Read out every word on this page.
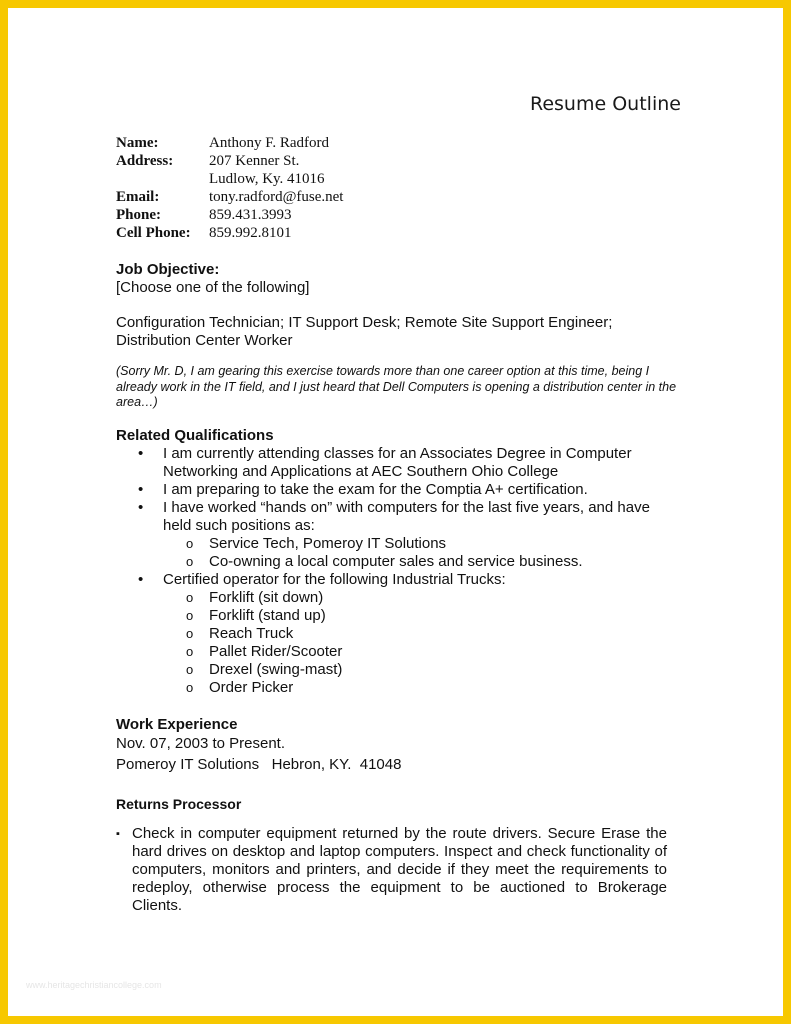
Resume Outline
Name:	Anthony F. Radford
Address: 207 Kenner St.
Ludlow, Ky. 41016
Email:	tony.radford@fuse.net
Phone:	859.431.3993
Cell Phone: 859.992.8101
Job Objective:
[Choose one of the following]
Configuration Technician; IT Support Desk; Remote Site Support Engineer;
Distribution Center Worker
(Sorry Mr. D, I am gearing this exercise towards more than one career option at this time, being I already work in the IT field, and I just heard that Dell Computers is opening a distribution center in the area…)
Related Qualifications
• I am currently attending classes for an Associates Degree in Computer
Networking and Applications at AEC Southern Ohio College
• I am preparing to take the exam for the Comptia A+ certification.
• I have worked “hands on” with computers for the last five years, and have
held such positions as:
o Service Tech, Pomeroy IT Solutions
o Co-owning a local computer sales and service business.
• Certified operator for the following Industrial Trucks:
o Forklift (sit down)
o Forklift (stand up)
o Reach Truck
o Pallet Rider/Scooter
o Drexel (swing-mast)
o Order Picker
Work Experience
Nov. 07, 2003 to Present.
Pomeroy IT Solutions   Hebron, KY.  41048
Returns Processor
▪ Check in computer equipment returned by the route drivers. Secure Erase the hard drives on desktop and laptop computers. Inspect and check functionality of computers, monitors and printers, and decide if they meet the requirements to redeploy, otherwise process the equipment to be auctioned to Brokerage Clients.
www.heritagechristiancollege.com
